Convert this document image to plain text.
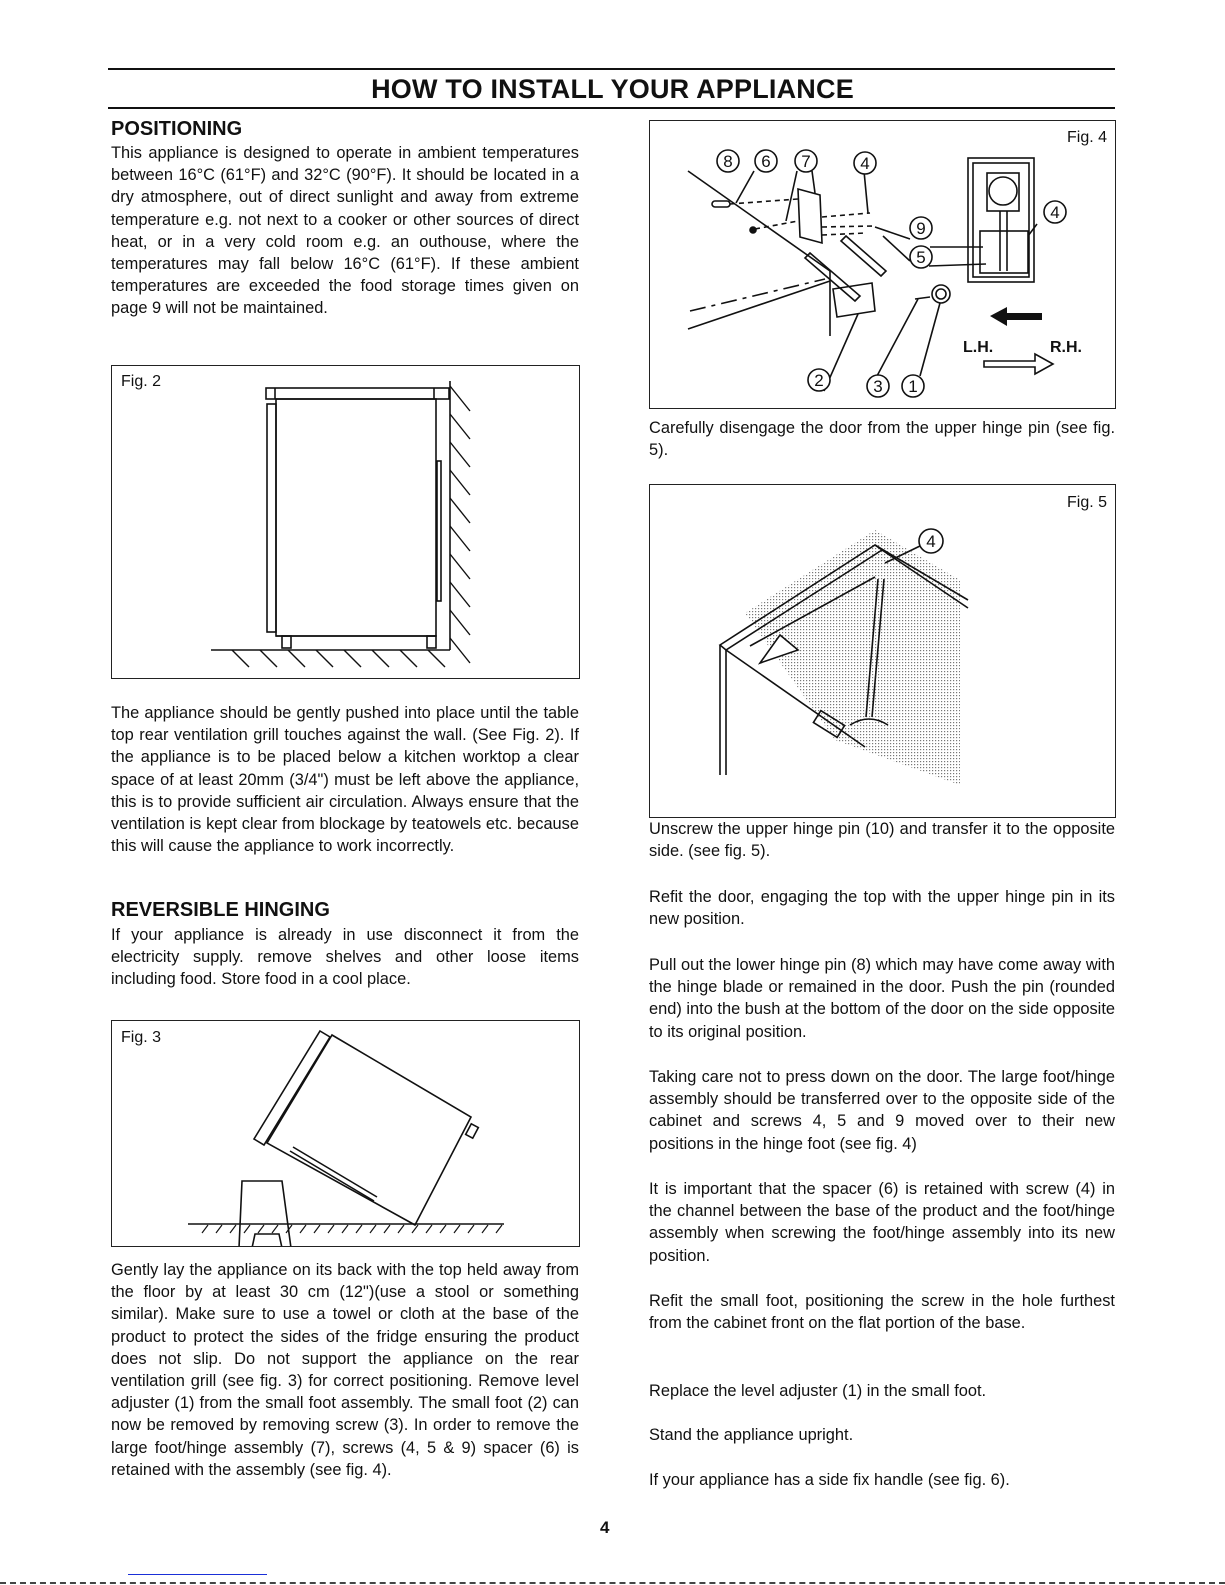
HOW TO INSTALL YOUR APPLIANCE
POSITIONING

This appliance is designed to operate in ambient temperatures between 16°C (61°F) and 32°C (90°F). It should be located in a dry atmosphere, out of direct sunlight and away from extreme temperature e.g. not next to a cooker or other sources of direct heat, or in a very cold room e.g. an outhouse, where the temperatures may fall below 16°C (61°F). If these ambient temperatures are exceeded the food storage times given on page 9 will not be maintained.

Fig. 2

The appliance should be gently pushed into place until the table top rear ventilation grill touches against the wall. (See Fig. 2). If the appliance is to be placed below a kitchen worktop a clear space of at least 20mm (3/4") must be left above the appliance, this is to provide sufficient air circulation. Always ensure that the ventilation is kept clear from blockage by teatowels etc. because this will cause the appliance to work incorrectly.

REVERSIBLE HINGING

If your appliance is already in use disconnect it from the electricity supply. remove shelves and other loose items including food. Store food in a cool place.

Fig. 3

Gently lay the appliance on its back with the top held away from the floor by at least 30 cm (12")(use a stool or something similar). Make sure to use a towel or cloth at the base of the product to protect the sides of the fridge ensuring the product does not slip. Do not support the appliance on the rear ventilation grill (see fig. 3) for correct positioning. Remove level adjuster (1) from the small foot assembly. The small foot (2) can now be removed by removing screw (3). In order to remove the large foot/hinge assembly (7), screws (4, 5 & 9) spacer (6) is retained with the assembly (see fig. 4).

Fig. 4
L.H.	R.H.
8 6 7	4
9
5
4
2	3 1

Carefully disengage the door from the upper hinge pin (see fig. 5).

Fig. 5
4

Unscrew the upper hinge pin (10) and transfer it to the opposite side. (see fig. 5).

Refit the door, engaging the top with the upper hinge pin in its new position.

Pull out the lower hinge pin (8) which may have come away with the hinge blade or remained in the door. Push the pin (rounded end) into the bush at the bottom of the door on the side opposite to its original position.

Taking care not to press down on the door. The large foot/hinge assembly should be transferred over to the opposite side of the cabinet and screws 4, 5 and 9 moved over to their new positions in the hinge foot (see fig. 4)

It is important that the spacer (6) is retained with screw (4) in the channel between the base of the product and the foot/hinge assembly when screwing the foot/hinge assembly into its new position.

Refit the small foot, positioning the screw in the hole furthest from the cabinet front on the flat portion of the base.

Replace the level adjuster (1) in the small foot.

Stand the appliance upright.

If your appliance has a side fix handle (see fig. 6).

4
